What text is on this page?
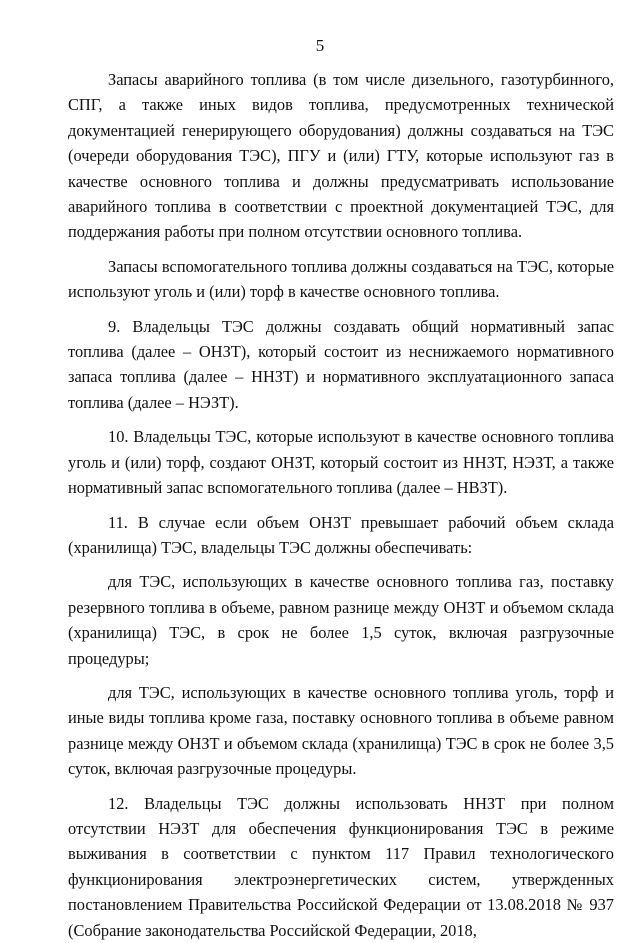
5

Запасы аварийного топлива (в том числе дизельного, газотурбинного, СПГ, а также иных видов топлива, предусмотренных технической документацией генерирующего оборудования) должны создаваться на ТЭС (очереди оборудования ТЭС), ПГУ и (или) ГТУ, которые используют газ в качестве основного топлива и должны предусматривать использование аварийного топлива в соответствии с проектной документацией ТЭС, для поддержания работы при полном отсутствии основного топлива.

Запасы вспомогательного топлива должны создаваться на ТЭС, которые используют уголь и (или) торф в качестве основного топлива.

9. Владельцы ТЭС должны создавать общий нормативный запас топлива (далее – ОНЗТ), который состоит из неснижаемого нормативного запаса топлива (далее – ННЗТ) и нормативного эксплуатационного запаса топлива (далее – НЭЗТ).

10. Владельцы ТЭС, которые используют в качестве основного топлива уголь и (или) торф, создают ОНЗТ, который состоит из ННЗТ, НЭЗТ, а также нормативный запас вспомогательного топлива (далее – НВЗТ).

11. В случае если объем ОНЗТ превышает рабочий объем склада (хранилища) ТЭС, владельцы ТЭС должны обеспечивать:

для ТЭС, использующих в качестве основного топлива газ, поставку резервного топлива в объеме, равном разнице между ОНЗТ и объемом склада (хранилища) ТЭС, в срок не более 1,5 суток, включая разгрузочные процедуры;

для ТЭС, использующих в качестве основного топлива уголь, торф и иные виды топлива кроме газа, поставку основного топлива в объеме равном разнице между ОНЗТ и объемом склада (хранилища) ТЭС в срок не более 3,5 суток, включая разгрузочные процедуры.

12. Владельцы ТЭС должны использовать ННЗТ при полном отсутствии НЭЗТ для обеспечения функционирования ТЭС в режиме выживания в соответствии с пунктом 117 Правил технологического функционирования электроэнергетических систем, утвержденных постановлением Правительства Российской Федерации от 13.08.2018 № 937 (Собрание законодательства Российской Федерации, 2018,
